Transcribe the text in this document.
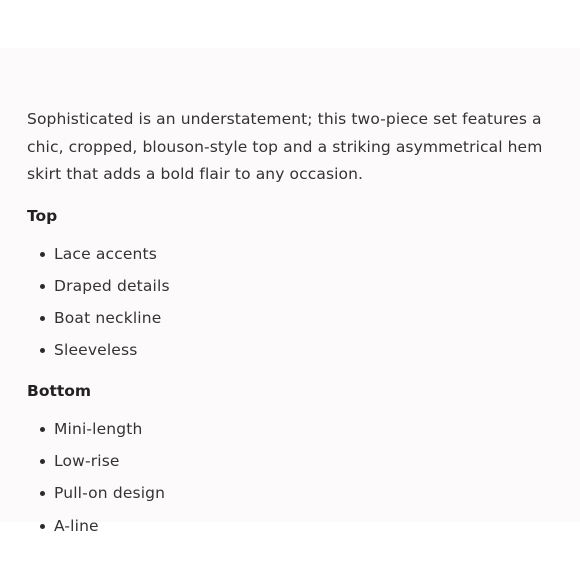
Sophisticated is an understatement; this two-piece set features a chic, cropped, blouson-style top and a striking asymmetrical hem skirt that adds a bold flair to any occasion.

Top
Lace accents
Draped details
Boat neckline
Sleeveless
Bottom
Mini-length
Low-rise
Pull-on design
A-line
